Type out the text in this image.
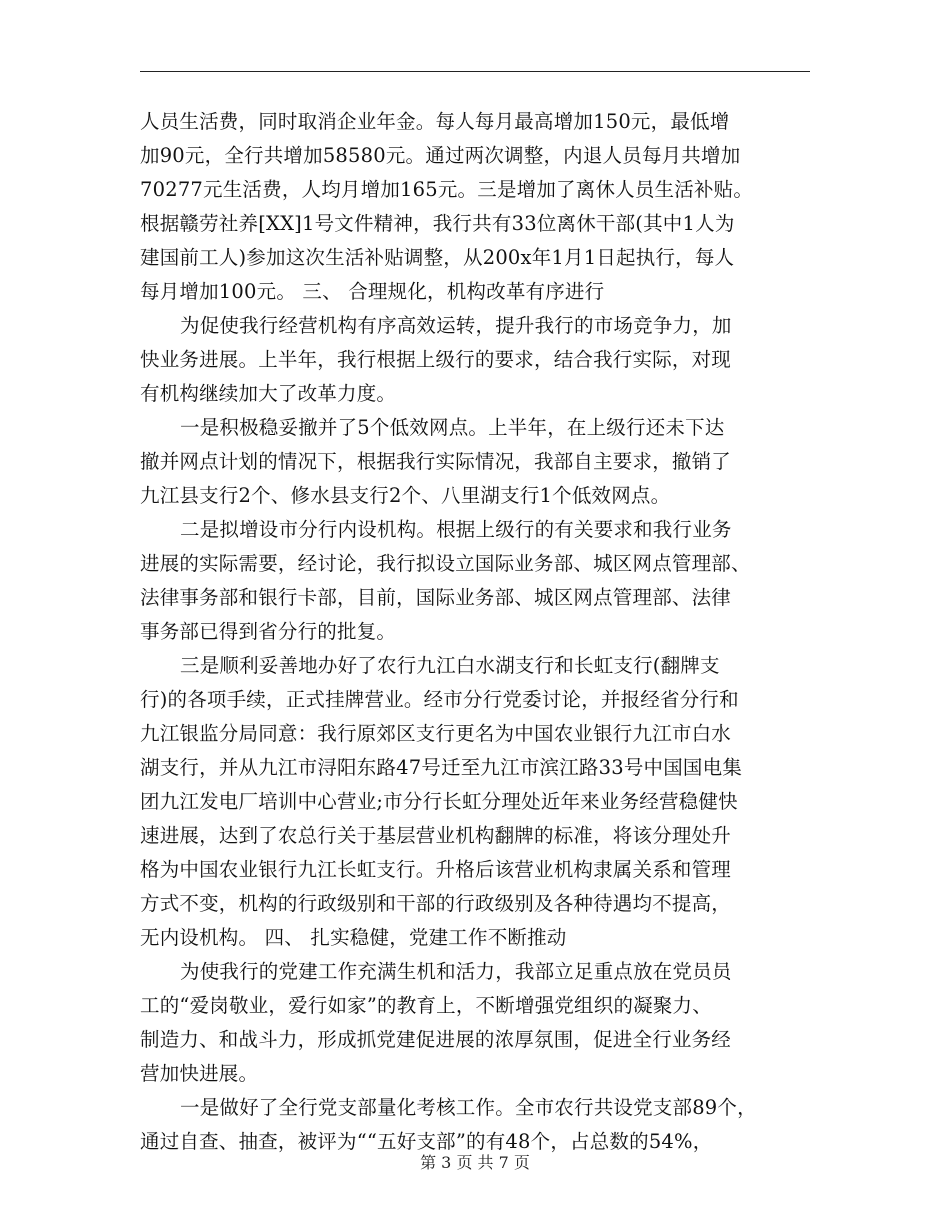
人员生活费，同时取消企业年金。每人每月最高增加150元，最低增
加90元，全行共增加58580元。通过两次调整，内退人员每月共增加
70277元生活费，人均月增加165元。三是增加了离休人员生活补贴。
根据赣劳社养[XX]1号文件精神，我行共有33位离休干部(其中1人为
建国前工人)参加这次生活补贴调整，从200x年1月1日起执行，每人
每月增加100元。 三、 合理规化，机构改革有序进行
为促使我行经营机构有序高效运转，提升我行的市场竞争力，加
快业务进展。上半年，我行根据上级行的要求，结合我行实际，对现
有机构继续加大了改革力度。
一是积极稳妥撤并了5个低效网点。上半年，在上级行还未下达
撤并网点计划的情况下，根据我行实际情况，我部自主要求，撤销了
九江县支行2个、修水县支行2个、八里湖支行1个低效网点。
二是拟增设市分行内设机构。根据上级行的有关要求和我行业务
进展的实际需要，经讨论，我行拟设立国际业务部、城区网点管理部、
法律事务部和银行卡部，目前，国际业务部、城区网点管理部、法律
事务部已得到省分行的批复。
三是顺利妥善地办好了农行九江白水湖支行和长虹支行(翻牌支
行)的各项手续，正式挂牌营业。经市分行党委讨论，并报经省分行和
九江银监分局同意：我行原郊区支行更名为中国农业银行九江市白水
湖支行，并从九江市浔阳东路47号迁至九江市滨江路33号中国国电集
团九江发电厂培训中心营业;市分行长虹分理处近年来业务经营稳健快
速进展，达到了农总行关于基层营业机构翻牌的标准，将该分理处升
格为中国农业银行九江长虹支行。升格后该营业机构隶属关系和管理
方式不变，机构的行政级别和干部的行政级别及各种待遇均不提高，
无内设机构。 四、 扎实稳健，党建工作不断推动
为使我行的党建工作充满生机和活力，我部立足重点放在党员员
工的“爱岗敬业，爱行如家”的教育上，不断增强党组织的凝聚力、
制造力、和战斗力，形成抓党建促进展的浓厚氛围，促进全行业务经
营加快进展。
一是做好了全行党支部量化考核工作。全市农行共设党支部89个，
通过自查、抽查，被评为““五好支部”的有48个，占总数的54%，
第 3 页 共 7 页
